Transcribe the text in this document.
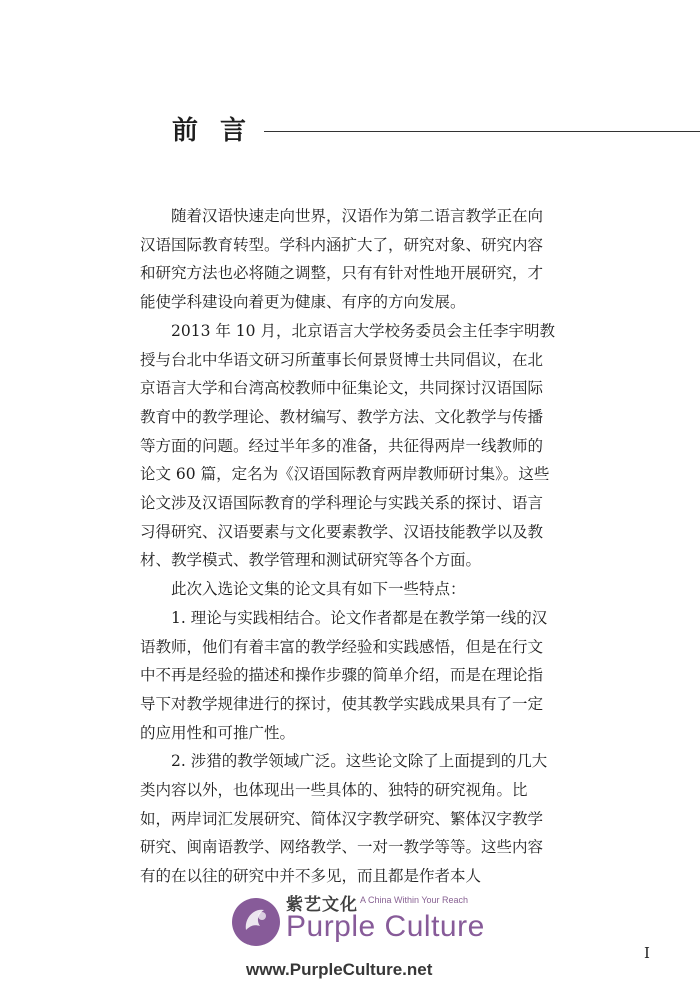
前言

随着汉语快速走向世界，汉语作为第二语言教学正在向汉语国际教育转型。学科内涵扩大了，研究对象、研究内容和研究方法也必将随之调整，只有有针对性地开展研究，才能使学科建设向着更为健康、有序的方向发展。

2013 年 10 月，北京语言大学校务委员会主任李宇明教授与台北中华语文研习所董事长何景贤博士共同倡议，在北京语言大学和台湾高校教师中征集论文，共同探讨汉语国际教育中的教学理论、教材编写、教学方法、文化教学与传播等方面的问题。经过半年多的准备，共征得两岸一线教师的论文 60 篇，定名为《汉语国际教育两岸教师研讨集》。这些论文涉及汉语国际教育的学科理论与实践关系的探讨、语言习得研究、汉语要素与文化要素教学、汉语技能教学以及教材、教学模式、教学管理和测试研究等各个方面。

此次入选论文集的论文具有如下一些特点：

1. 理论与实践相结合。论文作者都是在教学第一线的汉语教师，他们有着丰富的教学经验和实践感悟，但是在行文中不再是经验的描述和操作步骤的简单介绍，而是在理论指导下对教学规律进行的探讨，使其教学实践成果具有了一定的应用性和可推广性。

2. 涉猎的教学领域广泛。这些论文除了上面提到的几大类内容以外，也体现出一些具体的、独特的研究视角。比如，两岸词汇发展研究、简体汉字教学研究、繁体汉字教学研究、闽南语教学、网络教学、一对一教学等等。这些内容有的在以往的研究中并不多见，而且都是作者本人

I
紫艺文化 A China Within Your Reach
Purple Culture
www.PurpleCulture.net
